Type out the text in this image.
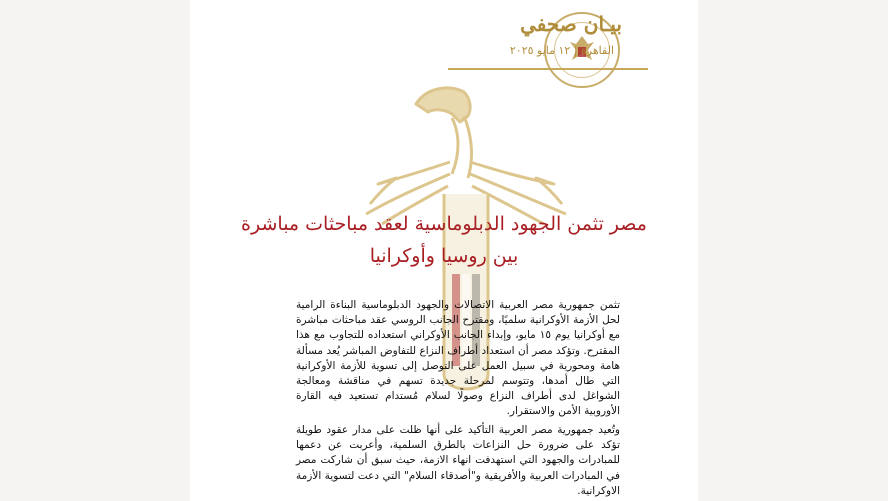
بيـان صحفي
القاهرة | ١٢ مايو ٢٠٢٥
مصر تثمن الجهود الدبلوماسية لعقد مباحثات مباشرة
بين روسيا وأوكرانيا
تثمن جمهورية مصر العربية الاتصالات والجهود الدبلوماسية البناءة الرامية لحل الأزمة الأوكرانية سلميًا، ومقترح الجانب الروسي عقد مباحثات مباشرة مع أوكرانيا يوم ١٥ مايو، وإبداء الجانب الأوكراني استعداده للتجاوب مع هذا المقترح. وتؤكد مصر أن استعداد أطراف النزاع للتفاوض المباشر يُعد مسألة هامة ومحورية في سبيل العمل على التوصل إلى تسوية للأزمة الأوكرانية التي طال أمدها، وتتوسم لمرحلة جديدة تسهم في مناقشة ومعالجة الشواغل لدى أطراف النزاع وصولًا لسلام مُستدام تستعيد فيه القارة الأوروبية الأمن والاستقرار.
وتُعيد جمهورية مصر العربية التأكيد على أنها ظلت على مدار عقود طويلة تؤكد على ضرورة حل النزاعات بالطرق السلمية، وأعربت عن دعمها للمبادرات والجهود التي استهدفت انهاء الازمة، حيث سبق أن شاركت مصر في المبادرات العربية والأفريقية و"أصدقاء السلام" التي دعت لتسوية الأزمة الاوكرانية.
